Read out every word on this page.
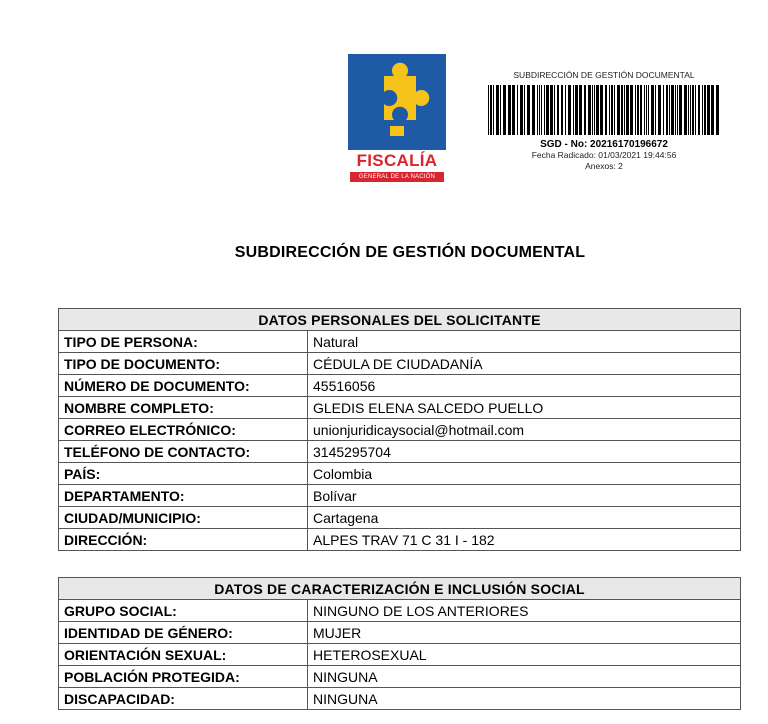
FISCALÍA
GENERAL DE LA NACIÓN
SUBDIRECCIÓN DE GESTIÓN DOCUMENTAL
SGD - No: 20216170196672
Fecha Radicado: 01/03/2021 19:44:56
Anexos: 2
SUBDIRECCIÓN DE GESTIÓN DOCUMENTAL
DATOS PERSONALES DEL SOLICITANTE	
TIPO DE PERSONA:	Natural
TIPO DE DOCUMENTO:	CÉDULA DE CIUDADANÍA
NÚMERO DE DOCUMENTO:	45516056
NOMBRE COMPLETO:	GLEDIS ELENA SALCEDO PUELLO
CORREO ELECTRÓNICO:	unionjuridicaysocial@hotmail.com
TELÉFONO DE CONTACTO:	3145295704
PAÍS:	Colombia
DEPARTAMENTO:	Bolívar
CIUDAD/MUNICIPIO:	Cartagena
DIRECCIÓN:	ALPES TRAV 71 C 31 I - 182
DATOS DE CARACTERIZACIÓN E INCLUSIÓN SOCIAL	
GRUPO SOCIAL:	NINGUNO DE LOS ANTERIORES
IDENTIDAD DE GÉNERO:	MUJER
ORIENTACIÓN SEXUAL:	HETEROSEXUAL
POBLACIÓN PROTEGIDA:	NINGUNA
DISCAPACIDAD:	NINGUNA
